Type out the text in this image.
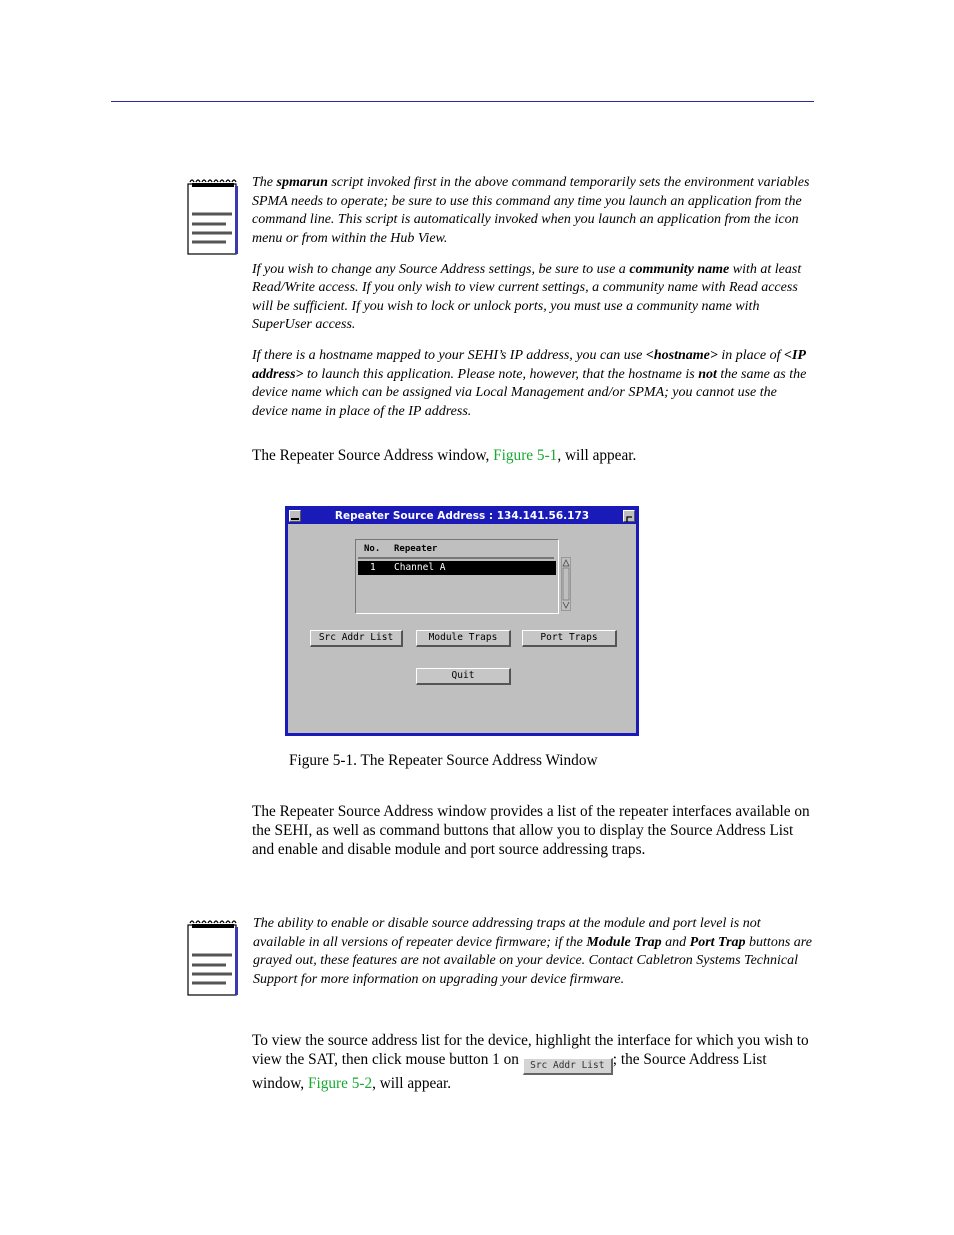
The spmarun script invoked first in the above command temporarily sets the environment variables SPMA needs to operate; be sure to use this command any time you launch an application from the command line. This script is automatically invoked when you launch an application from the icon menu or from within the Hub View.

If you wish to change any Source Address settings, be sure to use a community name with at least Read/Write access. If you only wish to view current settings, a community name with Read access will be sufficient. If you wish to lock or unlock ports, you must use a community name with SuperUser access.

If there is a hostname mapped to your SEHI’s IP address, you can use <hostname> in place of <IP address> to launch this application. Please note, however, that the hostname is not the same as the device name which can be assigned via Local Management and/or SPMA; you cannot use the device name in place of the IP address.

The Repeater Source Address window, Figure 5-1, will appear.
Repeater Source Address : 134.141.56.173
No. Repeater
1 Channel A
Src Addr List	Module Traps	Port Traps
Quit
Figure 5-1. The Repeater Source Address Window
The Repeater Source Address window provides a list of the repeater interfaces available on the SEHI, as well as command buttons that allow you to display the Source Address List and enable and disable module and port source addressing traps.

The ability to enable or disable source addressing traps at the module and port level is not available in all versions of repeater device firmware; if the Module Trap and Port Trap buttons are grayed out, these features are not available on your device. Contact Cabletron Systems Technical Support for more information on upgrading your device firmware.

To view the source address list for the device, highlight the interface for which you wish to view the SAT, then click mouse button 1 on Src Addr List ; the Source Address List window, Figure 5-2, will appear.
